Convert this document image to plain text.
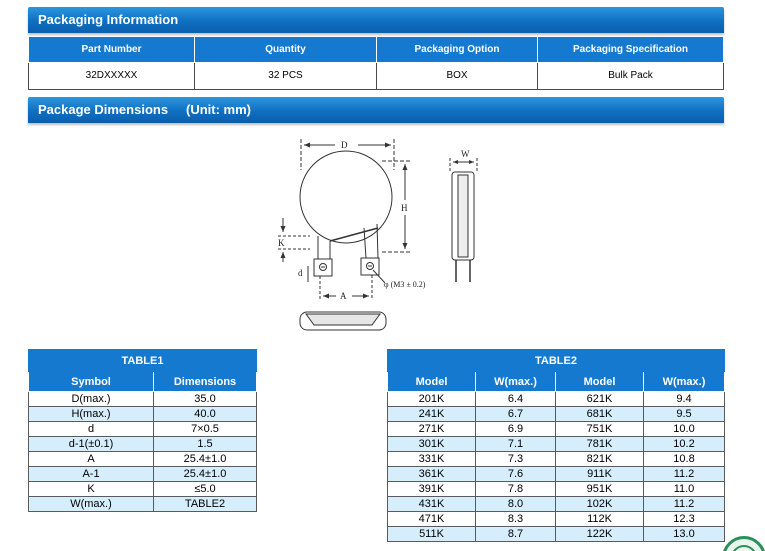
Packaging Information
Part Number	Quantity	Packaging Option	Packaging Specification
32DXXXXX	32 PCS	BOX	Bulk Pack
Package Dimensions (Unit: mm)
D
W
H
K
d
A
φ (M3 ± 0.2)
TABLE1	
Symbol	Dimensions
D(max.)	35.0
H(max.)	40.0
d	7×0.5
d-1(±0.1)	1.5
A	25.4±1.0
A-1	25.4±1.0
K	≤5.0
W(max.)	TABLE2
TABLE2			
Model	W(max.)	Model	W(max.)
201K	6.4	621K	9.4
241K	6.7	681K	9.5
271K	6.9	751K	10.0
301K	7.1	781K	10.2
331K	7.3	821K	10.8
361K	7.6	911K	11.2
391K	7.8	951K	11.0
431K	8.0	102K	11.2
471K	8.3	112K	12.3
511K	8.7	122K	13.0
